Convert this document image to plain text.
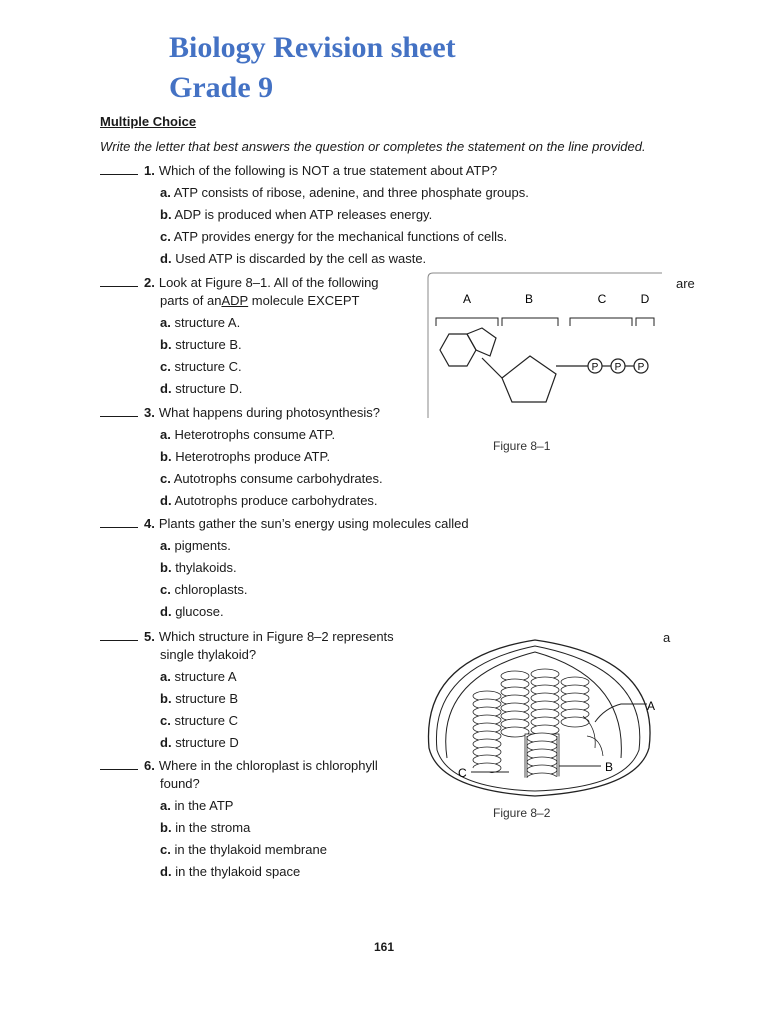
Biology Revision sheet
Grade 9
Multiple Choice
Write the letter that best answers the question or completes the statement on the line provided.
1. Which of the following is NOT a true statement about ATP?
a. ATP consists of ribose, adenine, and three phosphate groups.
b. ADP is produced when ATP releases energy.
c. ATP provides energy for the mechanical functions of cells.
d. Used ATP is discarded by the cell as waste.
2. Look at Figure 8–1. All of the following
parts of an ADP molecule EXCEPT
a. structure A.
b. structure B.
c. structure C.
d. structure D.
are
3. What happens during photosynthesis?
a. Heterotrophs consume ATP.
b. Heterotrophs produce ATP.
c. Autotrophs consume carbohydrates.
d. Autotrophs produce carbohydrates.
4. Plants gather the sun’s energy using molecules called
a. pigments.
b. thylakoids.
c. chloroplasts.
d. glucose.
5. Which structure in Figure 8–2 represents
single thylakoid?
a. structure A
b. structure B
c. structure C
d. structure D
a
6. Where in the chloroplast is chlorophyll
found?
a. in the ATP
b. in the stroma
c. in the thylakoid membrane
d. in the thylakoid space
A	B	C	D
P P P
Figure 8–1
A
B
C
Figure 8–2
161
